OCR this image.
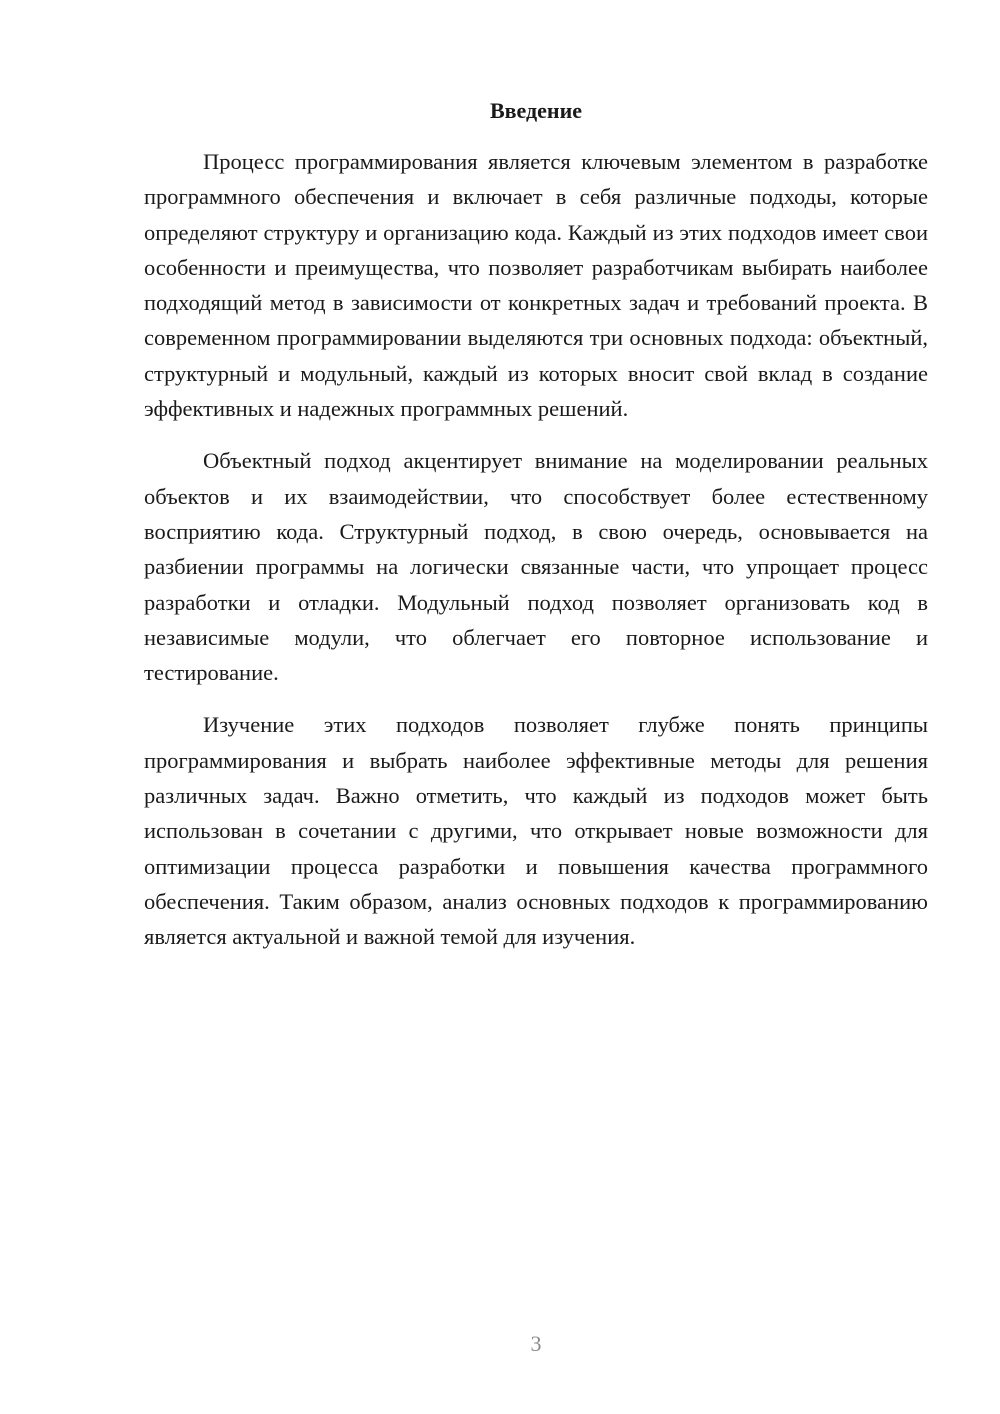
Введение

Процесс программирования является ключевым элементом в разработке программного обеспечения и включает в себя различные подходы, которые определяют структуру и организацию кода. Каждый из этих подходов имеет свои особенности и преимущества, что позволяет разработчикам выбирать наиболее подходящий метод в зависимости от конкретных задач и требований проекта. В современном программировании выделяются три основных подхода: объектный, структурный и модульный, каждый из которых вносит свой вклад в создание эффективных и надежных программных решений.

Объектный подход акцентирует внимание на моделировании реальных объектов и их взаимодействии, что способствует более естественному восприятию кода. Структурный подход, в свою очередь, основывается на разбиении программы на логически связанные части, что упрощает процесс разработки и отладки. Модульный подход позволяет организовать код в независимые модули, что облегчает его повторное использование и тестирование.

Изучение этих подходов позволяет глубже понять принципы программирования и выбрать наиболее эффективные методы для решения различных задач. Важно отметить, что каждый из подходов может быть использован в сочетании с другими, что открывает новые возможности для оптимизации процесса разработки и повышения качества программного обеспечения. Таким образом, анализ основных подходов к программированию является актуальной и важной темой для изучения.

3
